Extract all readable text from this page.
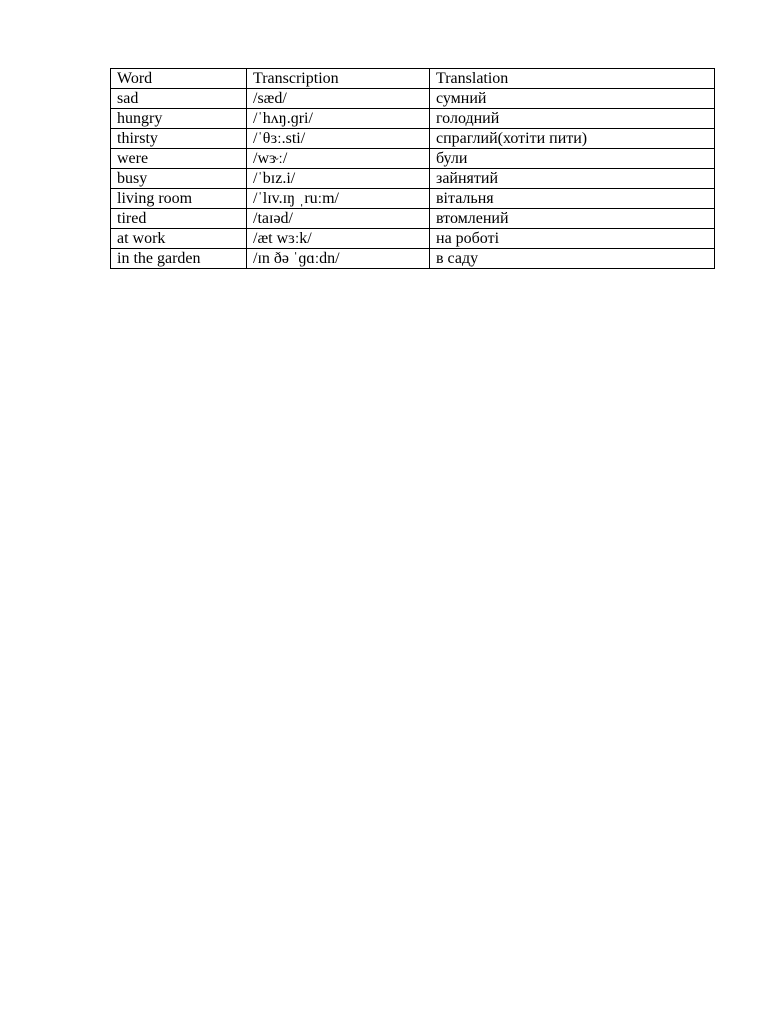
Word	Transcription	Translation
sad	/sæd/	сумний
hungry	/ˈhʌŋ.ɡri/	голодний
thirsty	/ˈθɜː.sti/	спраглий(хотіти пити)
were	/wɝː/	були
busy	/ˈbɪz.i/	зайнятий
living room	/ˈlɪv.ɪŋ ˌruːm/	вітальня
tired	/taɪəd/	втомлений
at work	/æt wɜːk/	на роботі
in the garden	/ɪn ðə ˈɡɑːdn/	в саду
